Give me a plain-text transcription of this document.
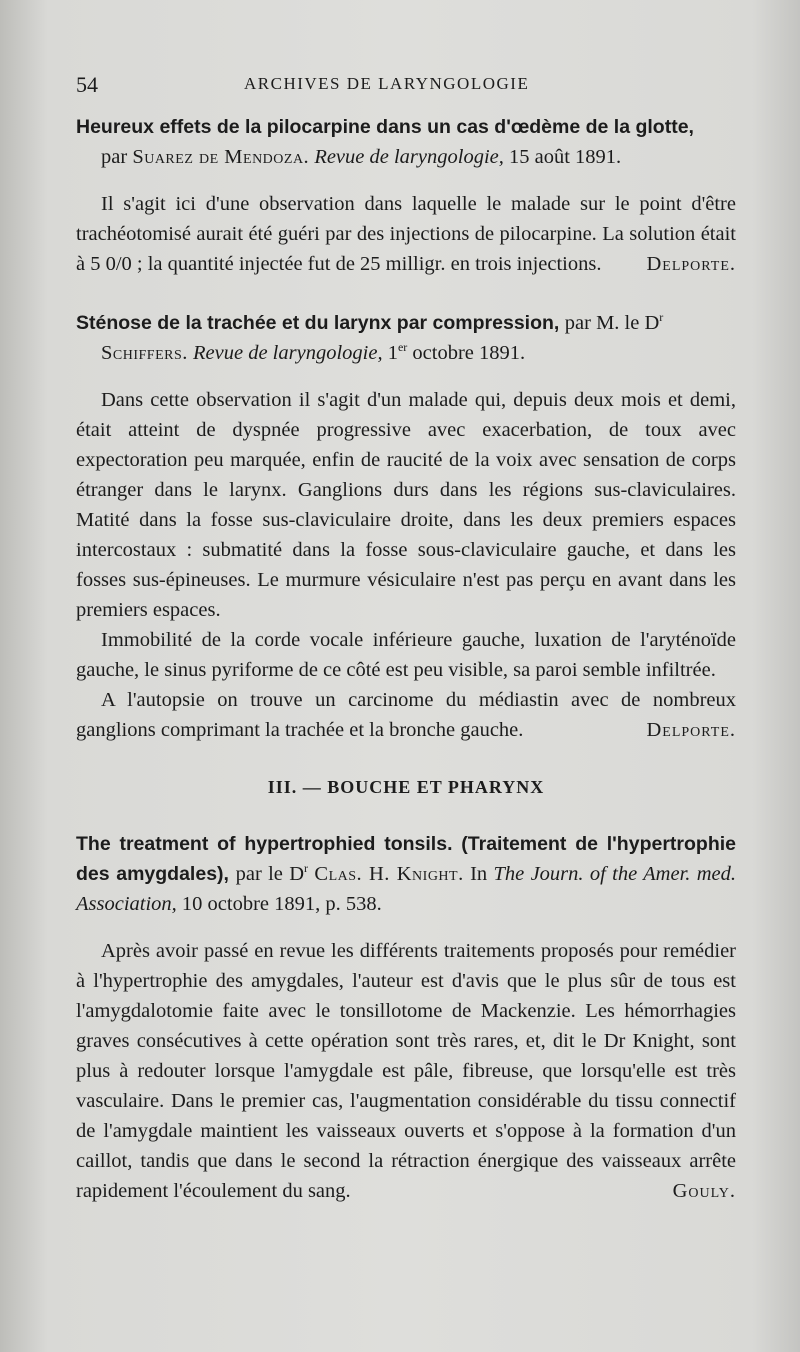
54	ARCHIVES DE LARYNGOLOGIE

Heureux effets de la pilocarpine dans un cas d'œdème de la glotte,

par Suarez de Mendoza. Revue de laryngologie, 15 août 1891.

Il s'agit ici d'une observation dans laquelle le malade sur le point d'être trachéotomisé aurait été guéri par des injections de pilocarpine. La solution était à 5 0/0 ; la quantité injectée fut de 25 milligr. en trois injections.	Delporte.

Sténose de la trachée et du larynx par compression, par M. le $D^r$

Schiffers. Revue de laryngologie, 1er octobre 1891.

Dans cette observation il s'agit d'un malade qui, depuis deux mois et demi, était atteint de dyspnée progressive avec exacerbation, de toux avec expectoration peu marquée, enfin de raucité de la voix avec sensation de corps étranger dans le larynx. Ganglions durs dans les régions sus-claviculaires. Matité dans la fosse sus-claviculaire droite, dans les deux premiers espaces intercostaux : submatité dans la fosse sous-claviculaire gauche, et dans les fosses sus-épineuses. Le murmure vésiculaire n'est pas perçu en avant dans les premiers espaces.

Immobilité de la corde vocale inférieure gauche, luxation de l'aryténoïde gauche, le sinus pyriforme de ce côté est peu visible, sa paroi semble infiltrée.

A l'autopsie on trouve un carcinome du médiastin avec de nombreux ganglions comprimant la trachée et la bronche gauche.	Delporte.

III. — BOUCHE ET PHARYNX

The treatment of hypertrophied tonsils. (Traitement de l'hypertrophie des amygdales), par le $D^r$ Clas. H. Knight. In The Journ. of the Amer. med. Association, 10 octobre 1891, p. 538.

Après avoir passé en revue les différents traitements proposés pour remédier à l'hypertrophie des amygdales, l'auteur est d'avis que le plus sûr de tous est l'amygdalotomie faite avec le tonsillotome de Mackenzie. Les hémorrhagies graves consécutives à cette opération sont très rares, et, dit le Dr Knight, sont plus à redouter lorsque l'amygdale est pâle, fibreuse, que lorsqu'elle est très vasculaire. Dans le premier cas, l'augmentation considérable du tissu connectif de l'amygdale maintient les vaisseaux ouverts et s'oppose à la formation d'un caillot, tandis que dans le second la rétraction énergique des vaisseaux arrête rapidement l'écoulement du sang.	Gouly.
